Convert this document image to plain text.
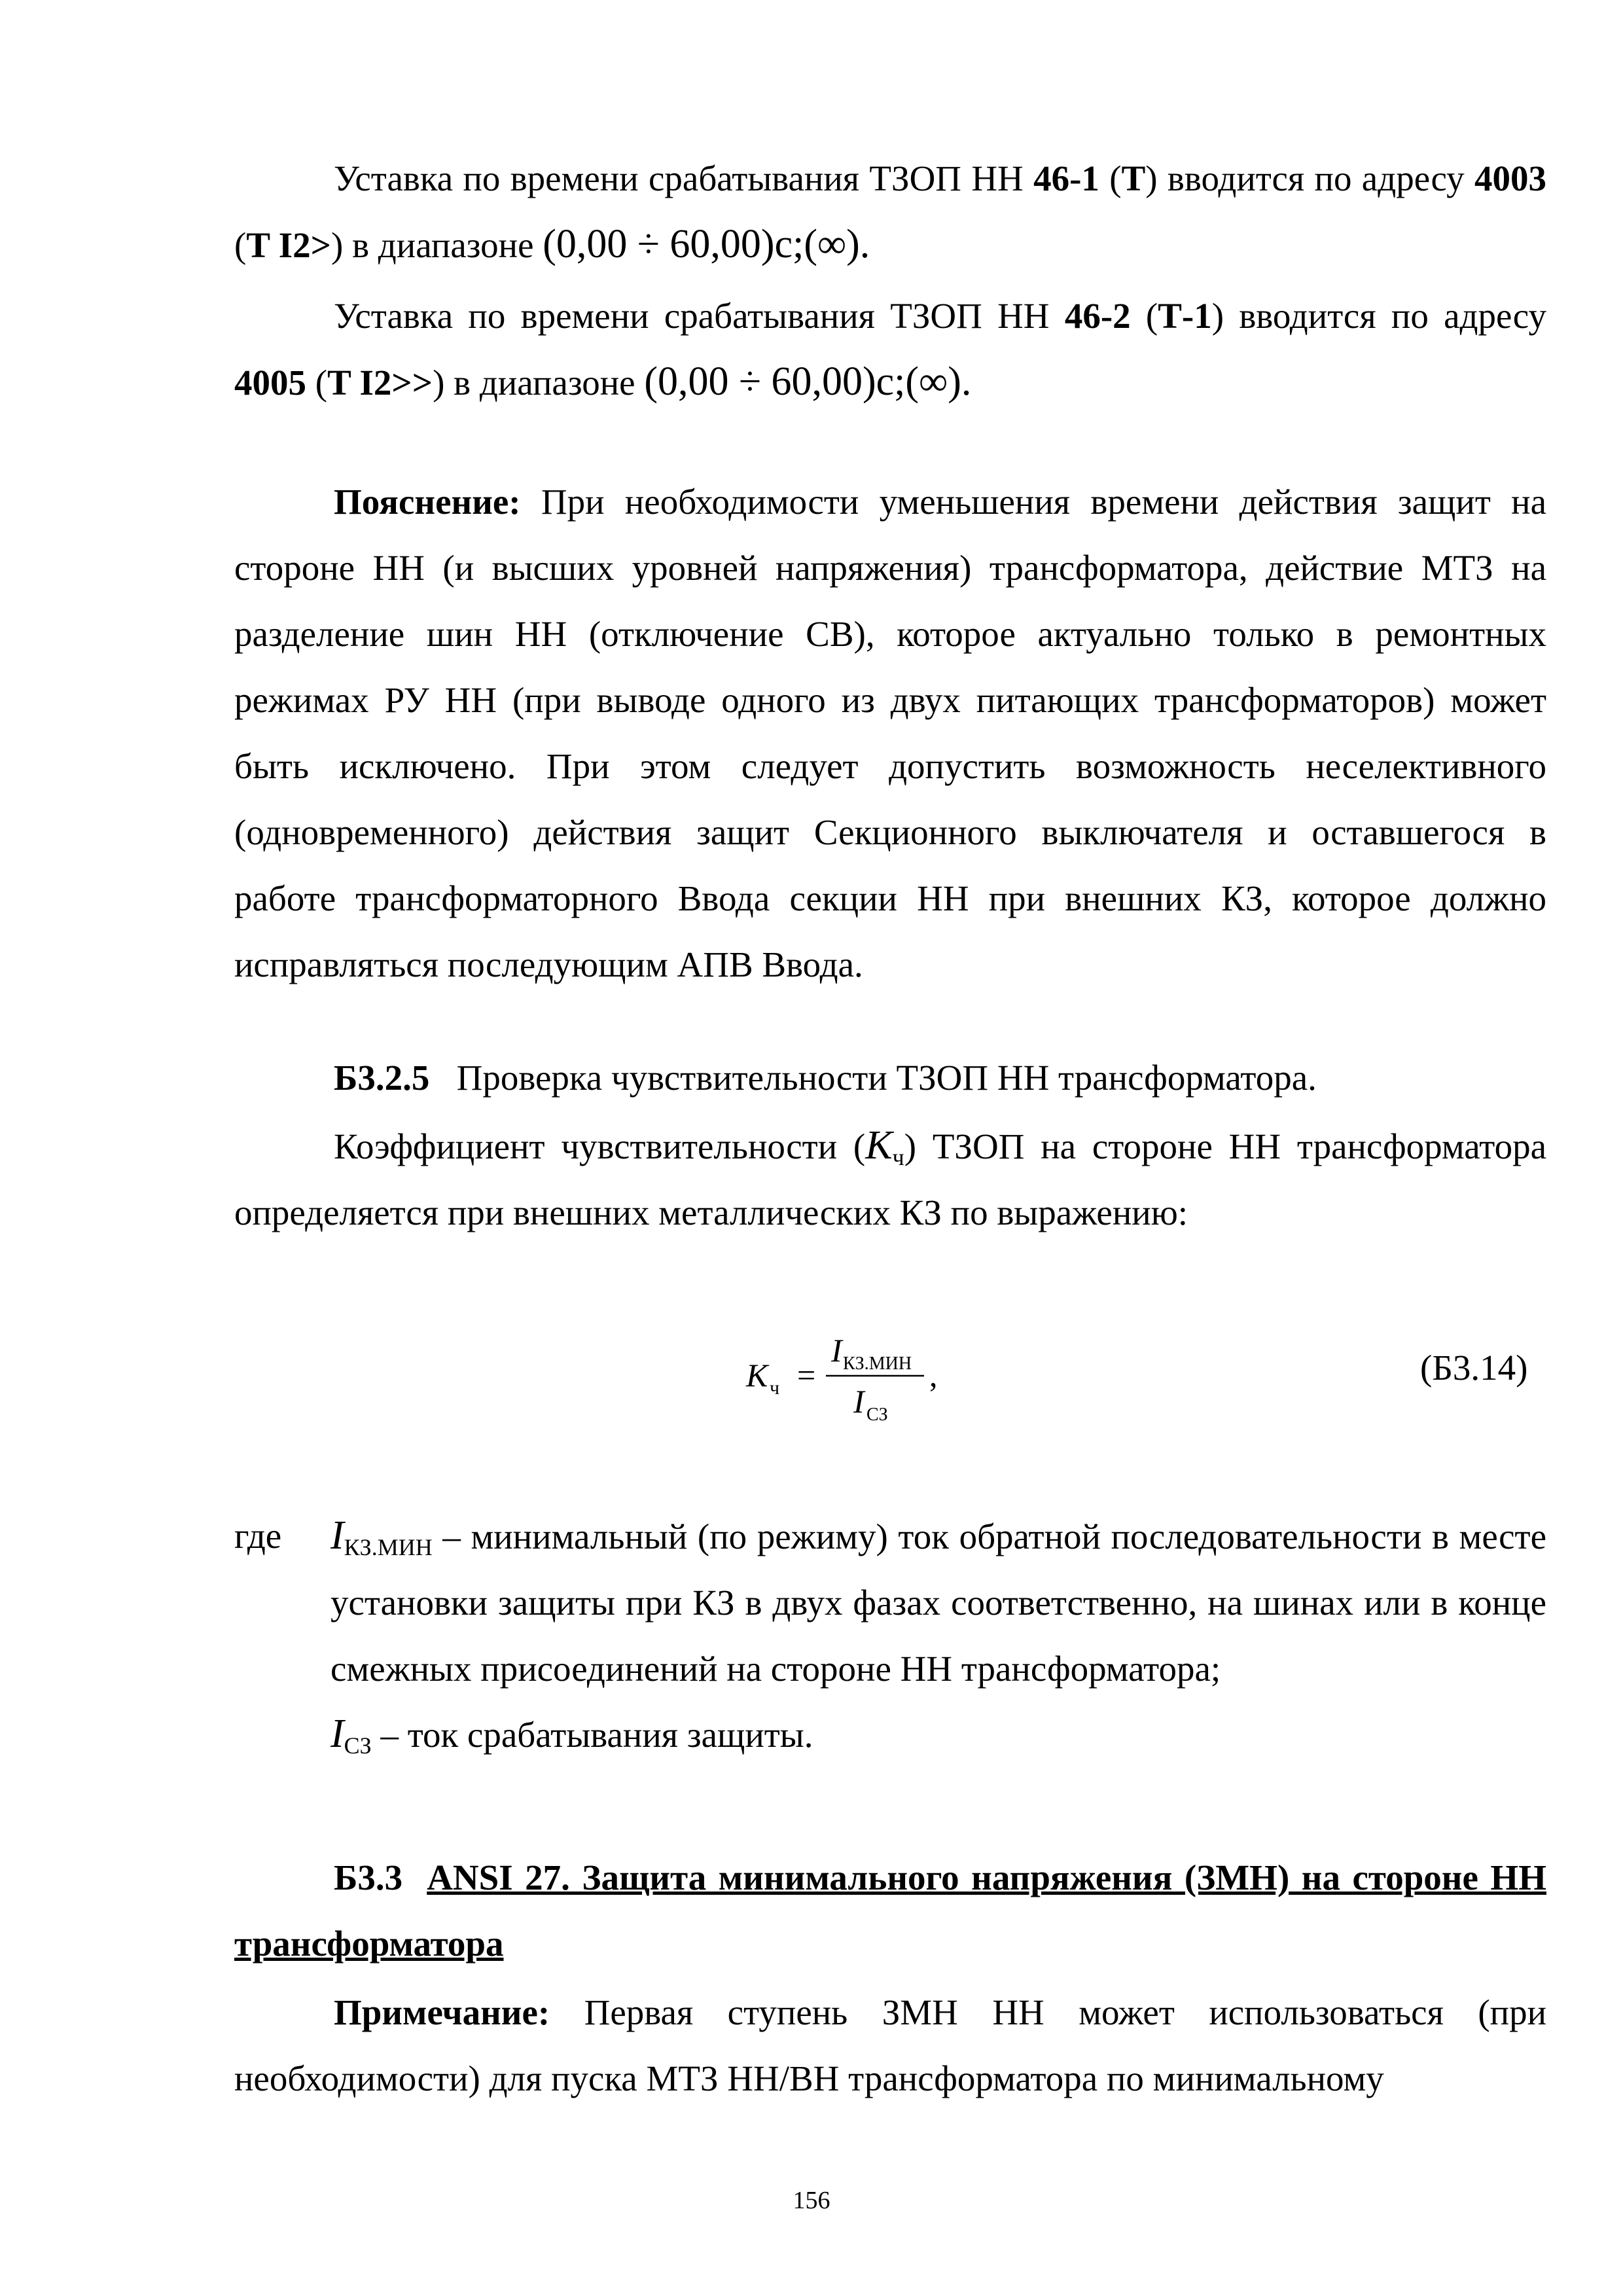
Уставка по времени срабатывания ТЗОП НН 46-1 (Т) вводится по адресу 4003 (T I2>) в диапазоне (0,00 ÷ 60,00)c;(∞).

Уставка по времени срабатывания ТЗОП НН 46-2 (Т-1) вводится по адресу 4005 (T I2>>) в диапазоне (0,00 ÷ 60,00)c;(∞).

Пояснение: При необходимости уменьшения времени действия защит на стороне НН (и высших уровней напряжения) трансформатора, действие МТЗ на разделение шин НН (отключение СВ), которое актуально только в ремонтных режимах РУ НН (при выводе одного из двух питающих трансформаторов) может быть исключено. При этом следует допустить возможность неселективного (одновременного) действия защит Секционного выключателя и оставшегося в работе трансформаторного Ввода секции НН при внешних КЗ, которое должно исправляться последующим АПВ Ввода.

Б3.2.5 Проверка чувствительности ТЗОП НН трансформатора.

Коэффициент чувствительности $(K_ч)$ ТЗОП на стороне НН трансформатора определяется при внешних металлических КЗ по выражению:

K ч =
I КЗ.МИН
I СЗ
,	(Б3.14)
где $I_{КЗ.МИН}$ – минимальный (по режиму) ток обратной последовательности в месте установки защиты при КЗ в двух фазах соответственно, на шинах или в конце смежных присоединений на стороне НН трансформатора;

$I_{СЗ}$ – ток срабатывания защиты.

Б3.3 ANSI 27. Защита минимального напряжения (ЗМН) на стороне НН трансформатора

Примечание: Первая ступень ЗМН НН может использоваться (при необходимости) для пуска МТЗ НН/ВН трансформатора по минимальному

156
